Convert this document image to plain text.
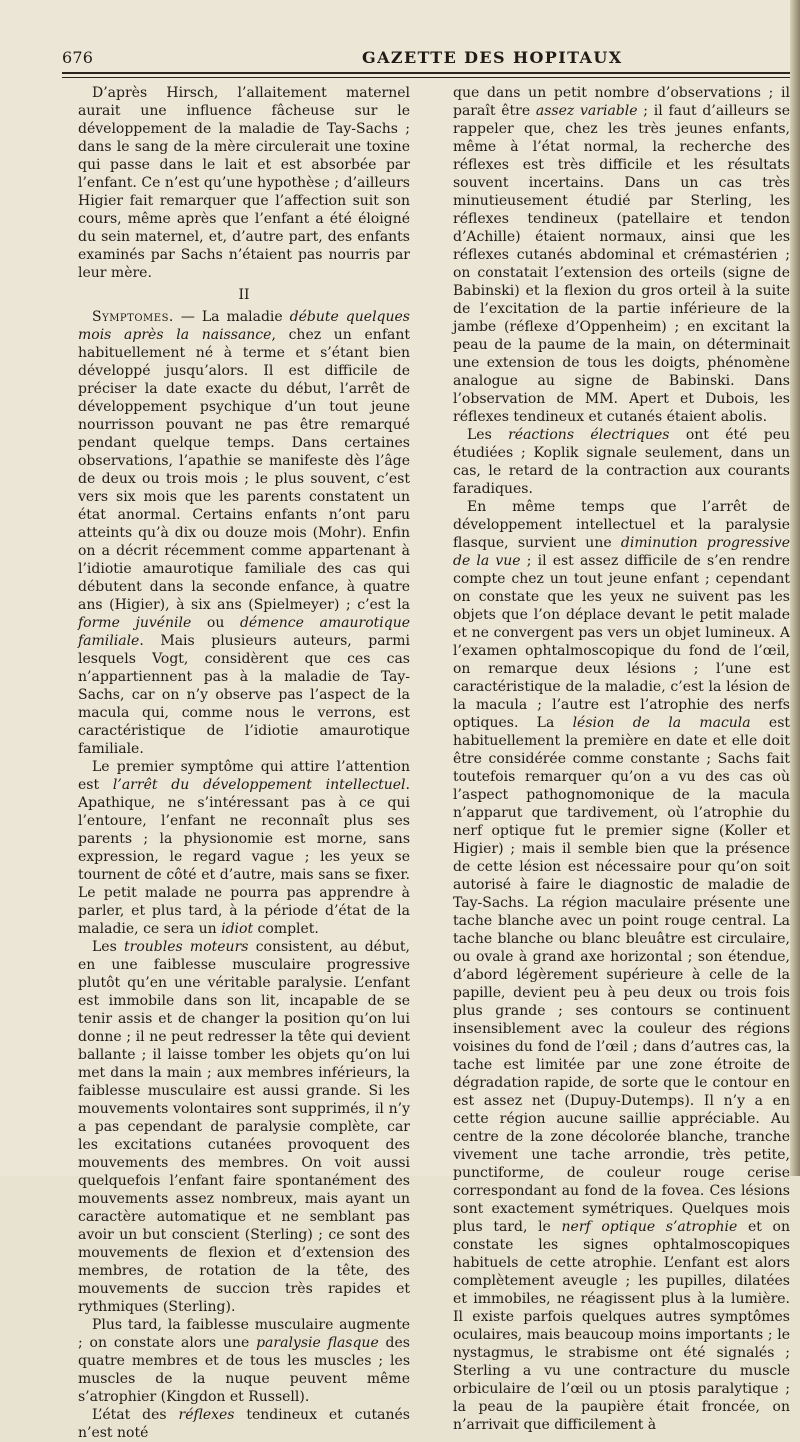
676	GAZETTE DES HOPITAUX

D’après Hirsch, l’allaitement maternel aurait une influence fâcheuse sur le développement de la maladie de Tay-Sachs ; dans le sang de la mère circulerait une toxine qui passe dans le lait et est absorbée par l’enfant. Ce n’est qu’une hypothèse ; d’ailleurs Higier fait remarquer que l’affection suit son cours, même après que l’enfant a été éloigné du sein maternel, et, d’autre part, des enfants examinés par Sachs n’étaient pas nourris par leur mère.

II

Symptomes. — La maladie débute quelques mois après la naissance, chez un enfant habituellement né à terme et s’étant bien développé jusqu’alors. Il est difficile de préciser la date exacte du début, l’arrêt de développement psychique d’un tout jeune nourrisson pouvant ne pas être remarqué pendant quelque temps. Dans certaines observations, l’apathie se manifeste dès l’âge de deux ou trois mois ; le plus souvent, c’est vers six mois que les parents constatent un état anormal. Certains enfants n’ont paru atteints qu’à dix ou douze mois (Mohr). Enfin on a décrit récemment comme appartenant à l’idiotie amaurotique familiale des cas qui débutent dans la seconde enfance, à quatre ans (Higier), à six ans (Spielmeyer) ; c’est la forme juvénile ou démence amaurotique familiale. Mais plusieurs auteurs, parmi lesquels Vogt, considèrent que ces cas n’appartiennent pas à la maladie de Tay-Sachs, car on n’y observe pas l’aspect de la macula qui, comme nous le verrons, est caractéristique de l’idiotie amaurotique familiale.

Le premier symptôme qui attire l’attention est l’arrêt du développement intellectuel. Apathique, ne s’intéressant pas à ce qui l’entoure, l’enfant ne reconnaît plus ses parents ; la physionomie est morne, sans expression, le regard vague ; les yeux se tournent de côté et d’autre, mais sans se fixer. Le petit malade ne pourra pas apprendre à parler, et plus tard, à la période d’état de la maladie, ce sera un idiot complet.

Les troubles moteurs consistent, au début, en une faiblesse musculaire progressive plutôt qu’en une véritable paralysie. L’enfant est immobile dans son lit, incapable de se tenir assis et de changer la position qu’on lui donne ; il ne peut redresser la tête qui devient ballante ; il laisse tomber les objets qu’on lui met dans la main ; aux membres inférieurs, la faiblesse musculaire est aussi grande. Si les mouvements volontaires sont supprimés, il n’y a pas cependant de paralysie complète, car les excitations cutanées provoquent des mouvements des membres. On voit aussi quelquefois l’enfant faire spontanément des mouvements assez nombreux, mais ayant un caractère automatique et ne semblant pas avoir un but conscient (Sterling) ; ce sont des mouvements de flexion et d’extension des membres, de rotation de la tête, des mouvements de succion très rapides et rythmiques (Sterling).

Plus tard, la faiblesse musculaire augmente ; on constate alors une paralysie flasque des quatre membres et de tous les muscles ; les muscles de la nuque peuvent même s’atrophier (Kingdon et Russell).

L’état des réflexes tendineux et cutanés n’est noté

que dans un petit nombre d’observations ; il paraît être assez variable ; il faut d’ailleurs se rappeler que, chez les très jeunes enfants, même à l’état normal, la recherche des réflexes est très difficile et les résultats souvent incertains. Dans un cas très minutieusement étudié par Sterling, les réflexes tendineux (patellaire et tendon d’Achille) étaient normaux, ainsi que les réflexes cutanés abdominal et crémastérien ; on constatait l’extension des orteils (signe de Babinski) et la flexion du gros orteil à la suite de l’excitation de la partie inférieure de la jambe (réflexe d’Oppenheim) ; en excitant la peau de la paume de la main, on déterminait une extension de tous les doigts, phénomène analogue au signe de Babinski. Dans l’observation de MM. Apert et Dubois, les réflexes tendineux et cutanés étaient abolis.

Les réactions électriques ont été peu étudiées ; Koplik signale seulement, dans un cas, le retard de la contraction aux courants faradiques.

En même temps que l’arrêt de développement intellectuel et la paralysie flasque, survient une diminution progressive de la vue ; il est assez difficile de s’en rendre compte chez un tout jeune enfant ; cependant on constate que les yeux ne suivent pas les objets que l’on déplace devant le petit malade et ne convergent pas vers un objet lumineux. A l’examen ophtalmoscopique du fond de l’œil, on remarque deux lésions ; l’une est caractéristique de la maladie, c’est la lésion de la macula ; l’autre est l’atrophie des nerfs optiques. La lésion de la macula est habituellement la première en date et elle doit être considérée comme constante ; Sachs fait toutefois remarquer qu’on a vu des cas où l’aspect pathognomonique de la macula n’apparut que tardivement, où l’atrophie du nerf optique fut le premier signe (Koller et Higier) ; mais il semble bien que la présence de cette lésion est nécessaire pour qu’on soit autorisé à faire le diagnostic de maladie de Tay-Sachs. La région maculaire présente une tache blanche avec un point rouge central. La tache blanche ou blanc bleuâtre est circulaire, ou ovale à grand axe horizontal ; son étendue, d’abord légèrement supérieure à celle de la papille, devient peu à peu deux ou trois fois plus grande ; ses contours se continuent insensiblement avec la couleur des régions voisines du fond de l’œil ; dans d’autres cas, la tache est limitée par une zone étroite de dégradation rapide, de sorte que le contour en est assez net (Dupuy-Dutemps). Il n’y a en cette région aucune saillie appréciable. Au centre de la zone décolorée blanche, tranche vivement une tache arrondie, très petite, punctiforme, de couleur rouge cerise correspondant au fond de la fovea. Ces lésions sont exactement symétriques. Quelques mois plus tard, le nerf optique s’atrophie et on constate les signes ophtalmoscopiques habituels de cette atrophie. L’enfant est alors complètement aveugle ; les pupilles, dilatées et immobiles, ne réagissent plus à la lumière. Il existe parfois quelques autres symptômes oculaires, mais beaucoup moins importants ; le nystagmus, le strabisme ont été signalés ; Sterling a vu une contracture du muscle orbiculaire de l’œil ou un ptosis paralytique ; la peau de la paupière était froncée, on n’arrivait que difficilement à
